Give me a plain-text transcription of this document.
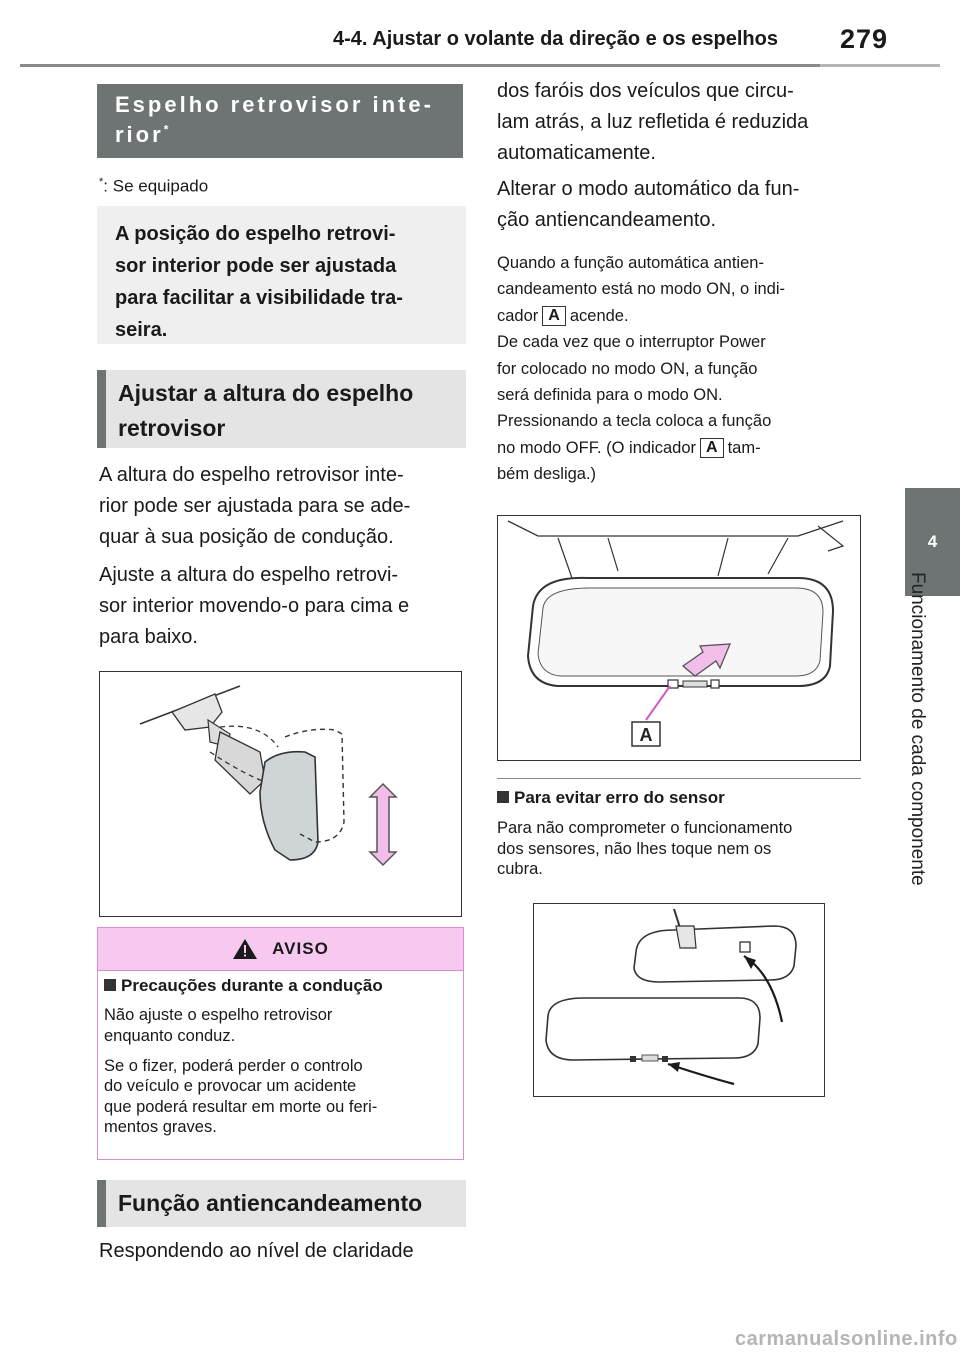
4-4. Ajustar o volante da direção e os espelhos 279
4
Funcionamento de cada componente
Espelho retrovisor inte-
rior*
*: Se equipado
A posição do espelho retrovi-
sor interior pode ser ajustada
para facilitar a visibilidade tra-
seira.
Ajustar a altura do espelho
retrovisor
A altura do espelho retrovisor inte-
rior pode ser ajustada para se ade-
quar à sua posição de condução.
Ajuste a altura do espelho retrovi-
sor interior movendo-o para cima e
para baixo.
AVISO

Precauções durante a condução

Não ajuste o espelho retrovisor
enquanto conduz.

Se o fizer, poderá perder o controlo
do veículo e provocar um acidente
que poderá resultar em morte ou feri-
mentos graves.

Função antiencandeamento
Respondendo ao nível de claridade
dos faróis dos veículos que circu-
lam atrás, a luz refletida é reduzida
automaticamente.
Alterar o modo automático da fun-
ção antiencandeamento.
Quando a função automática antien-
candeamento está no modo ON, o indi-
cador A acende.
De cada vez que o interruptor Power
for colocado no modo ON, a função
será definida para o modo ON.
Pressionando a tecla coloca a função
no modo OFF. (O indicador A tam-
bém desliga.)
A
Para evitar erro do sensor
Para não comprometer o funcionamento
dos sensores, não lhes toque nem os
cubra.
carmanualsonline.info
